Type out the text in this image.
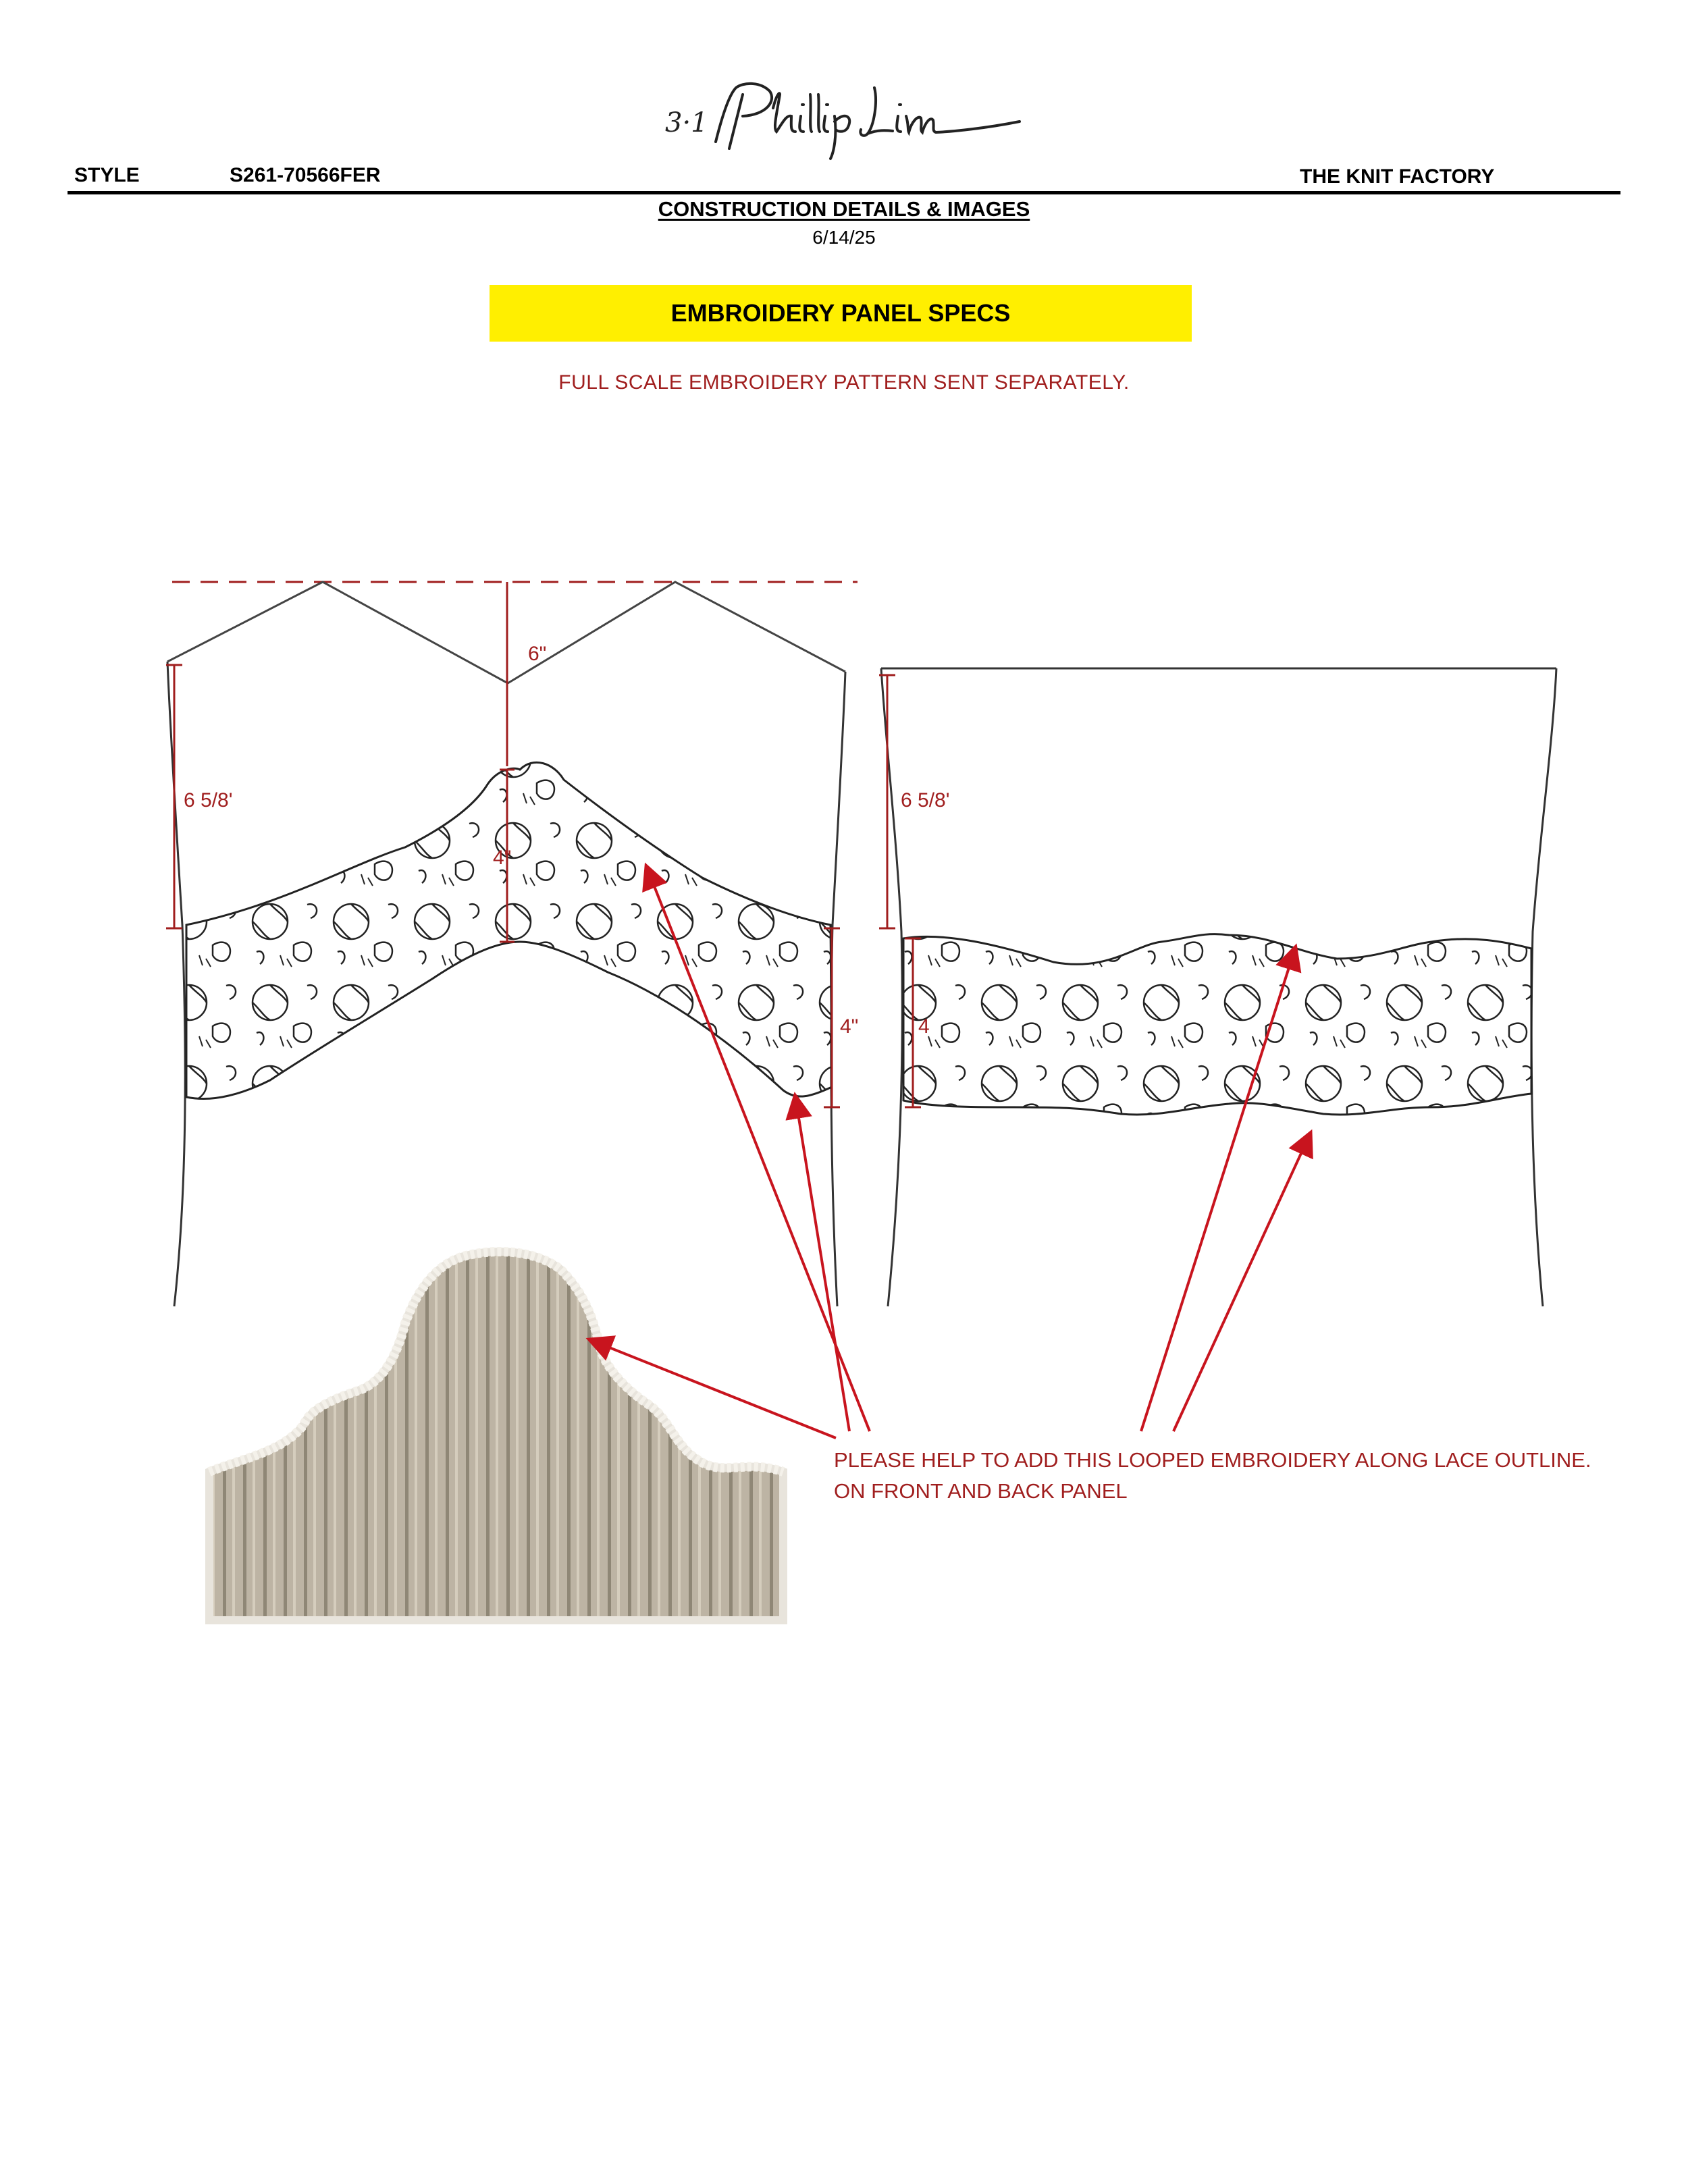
3·1
STYLE	S261-70566FER	THE KNIT FACTORY
CONSTRUCTION DETAILS & IMAGES
6/14/25
EMBROIDERY PANEL SPECS
FULL SCALE EMBROIDERY PATTERN SENT SEPARATELY.
6"
6 5/8'
4"
4"
6 5/8'
4
PLEASE HELP TO ADD THIS LOOPED EMBROIDERY ALONG LACE OUTLINE.
ON FRONT AND BACK PANEL
